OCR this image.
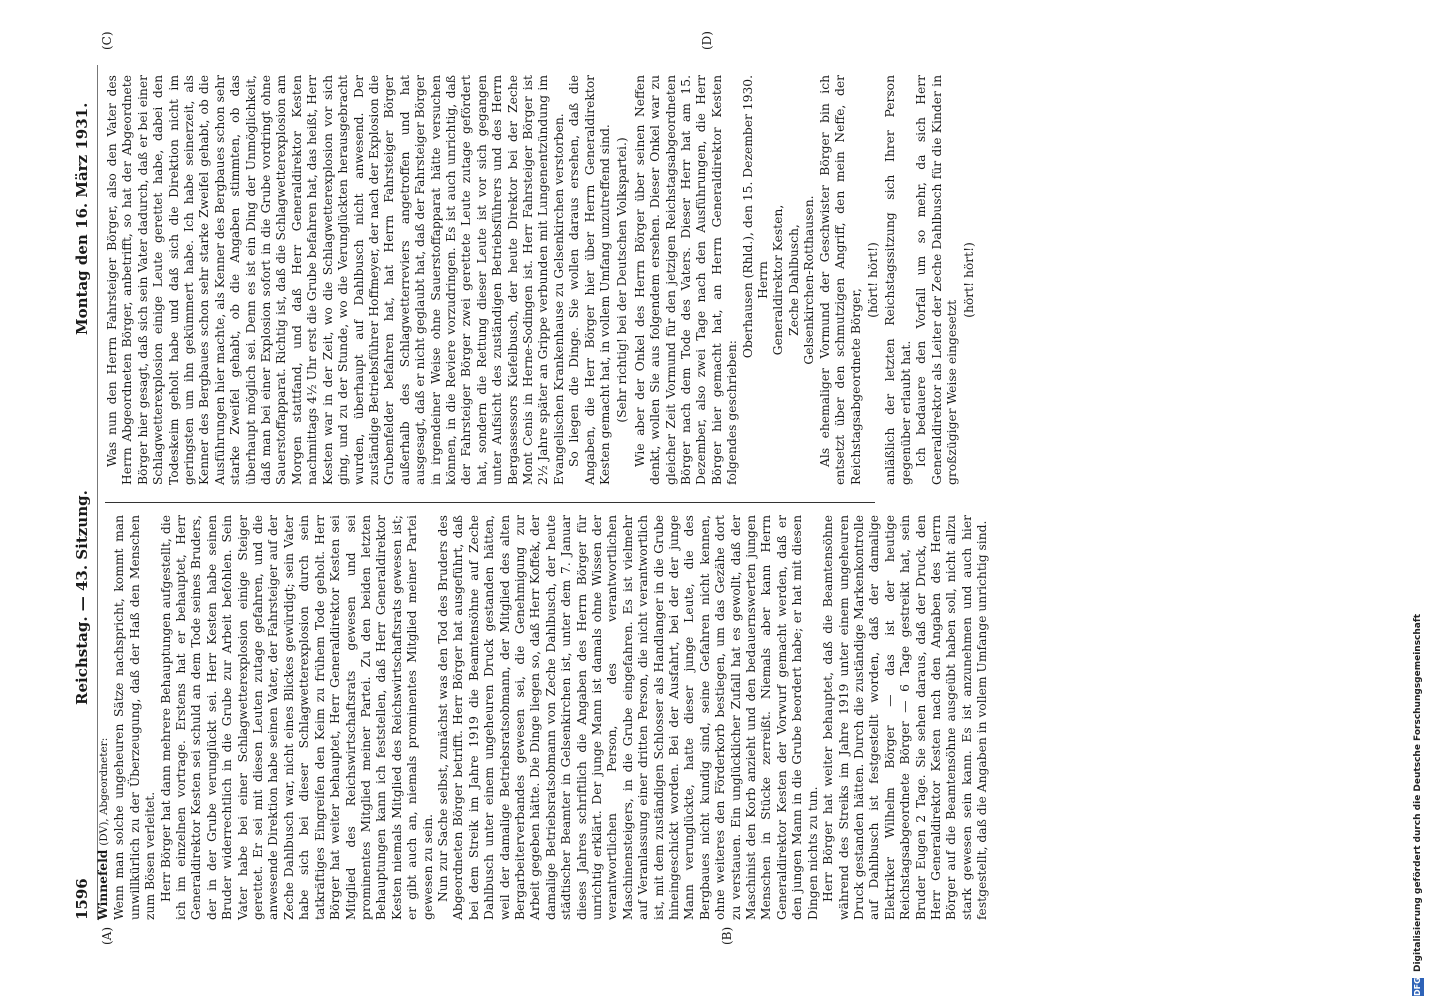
1596
Reichstag. — 43. Sitzung.
Montag den 16. März 1931.
(A)	(B)
(C)	(D)

Winnefeld (DV), Abgeordneter: Wenn man solche ungeheuren Sätze nachspricht, kommt man unwillkürlich zu der Überzeugung, daß der Haß den Menschen zum Bösen verleitet. Herr Börger hat dann mehrere Behauptungen aufgestellt, die ich im einzelnen vortrage. Erstens hat er behauptet, Herr Generaldirektor Kesten sei schuld an dem Tode seines Bruders, der in der Grube verunglückt sei. Herr Kesten habe seinen Bruder widerrechtlich in die Grube zur Arbeit befohlen. Sein Vater habe bei einer Schlagwetterexplosion einige Steiger gerettet. Er sei mit diesen Leuten zutage gefahren, und die anwesende Direktion habe seinen Vater, der Fahrsteiger auf der Zeche Dahlbusch war, nicht eines Blickes gewürdigt; sein Vater habe sich bei dieser Schlagwetterexplosion durch sein tatkräftiges Eingreifen den Keim zu frühem Tode geholt. Herr Börger hat weiter behauptet, Herr Generaldirektor Kesten sei Mitglied des Reichswirtschaftsrats gewesen und sei prominentes Mitglied meiner Partei. Zu den beiden letzten Behauptungen kann ich feststellen, daß Herr Generaldirektor Kesten niemals Mitglied des Reichswirtschaftsrats gewesen ist; er gibt auch an, niemals prominentes Mitglied meiner Partei gewesen zu sein. Nun zur Sache selbst, zunächst was den Tod des Bruders des Abgeordneten Börger betrifft. Herr Börger hat ausgeführt, daß bei dem Streik im Jahre 1919 die Beamtensöhne auf Zeche Dahlbusch unter einem ungeheuren Druck gestanden hätten, weil der damalige Betriebsratsobmann, der Mitglied des alten Bergarbeiterverbandes gewesen sei, die Genehmigung zur Arbeit gegeben hätte. Die Dinge liegen so, daß Herr Koffek, der damalige Betriebsratsobmann von Zeche Dahlbusch, der heute städtischer Beamter in Gelsenkirchen ist, unter dem 7. Januar dieses Jahres schriftlich die Angaben des Herrn Börger für unrichtig erklärt. Der junge Mann ist damals ohne Wissen der verantwortlichen Person, des verantwortlichen Maschinensteigers, in die Grube eingefahren. Es ist vielmehr auf Veranlassung einer dritten Person, die nicht verantwortlich ist, mit dem zuständigen Schlosser als Handlanger in die Grube hineingeschickt worden. Bei der Ausfahrt, bei der der junge Mann verunglückte, hatte dieser junge Leute, die des Bergbaues nicht kundig sind, seine Gefahren nicht kennen, ohne weiteres den Förderkorb bestiegen, um das Gezähe dort zu verstauen. Ein unglücklicher Zufall hat es gewollt, daß der Maschinist den Korb anzieht und den bedauernswerten jungen Menschen in Stücke zerreißt. Niemals aber kann Herrn Generaldirektor Kesten der Vorwurf gemacht werden, daß er den jungen Mann in die Grube beordert habe; er hat mit diesen Dingen nichts zu tun. Herr Börger hat weiter behauptet, daß die Beamtensöhne während des Streiks im Jahre 1919 unter einem ungeheuren Druck gestanden hätten. Durch die zuständige Markenkontrolle auf Dahlbusch ist festgestellt worden, daß der damalige Elektriker Wilhelm Börger — das ist der heutige Reichstagsabgeordnete Börger — 6 Tage gestreikt hat, sein Bruder Eugen 2 Tage. Sie sehen daraus, daß der Druck, den Herr Generaldirektor Kesten nach den Angaben des Herrn Börger auf die Beamtensöhne ausgeübt haben soll, nicht allzu stark gewesen sein kann. Es ist anzunehmen und auch hier festgestellt, daß die Angaben in vollem Umfange unrichtig sind.

Was nun den Herrn Fahrsteiger Börger, also den Vater des Herrn Abgeordneten Börger, anbetrifft, so hat der Abgeordnete Börger hier gesagt, daß sich sein Vater dadurch, daß er bei einer Schlagwetterexplosion einige Leute gerettet habe, dabei den Todeskeim geholt habe und daß sich die Direktion nicht im geringsten um ihn gekümmert habe. Ich habe seinerzeit, als Kenner des Bergbaues schon sehr starke Zweifel gehabt, ob die Ausführungen hier machte, als Kenner des Bergbaues schon sehr starke Zweifel gehabt, ob die Angaben stimmten, ob das überhaupt möglich sei. Denn es ist ein Ding der Unmöglichkeit, daß man bei einer Explosion sofort in die Grube vordringt ohne Sauerstoffapparat. Richtig ist, daß die Schlagwetterexplosion am Morgen stattfand, und daß Herr Generaldirektor Kesten nachmittags 4½ Uhr erst die Grube befahren hat, das heißt, Herr Kesten war in der Zeit, wo die Schlagwetterexplosion vor sich ging, und zu der Stunde, wo die Verunglückten herausgebracht wurden, überhaupt auf Dahlbusch nicht anwesend. Der zuständige Betriebsführer Hoffmeyer, der nach der Explosion die Grubenfelder befahren hat, hat Herrn Fahrsteiger Börger außerhalb des Schlagwetterreviers angetroffen und hat ausgesagt, daß er nicht geglaubt hat, daß der Fahrsteiger Börger in irgendeiner Weise ohne Sauerstoffapparat hätte versuchen können, in die Reviere vorzudringen. Es ist auch unrichtig, daß der Fahrsteiger Börger zwei gerettete Leute zutage gefördert hat, sondern die Rettung dieser Leute ist vor sich gegangen unter Aufsicht des zuständigen Betriebsführers und des Herrn Bergassessors Kiefelbusch, der heute Direktor bei der Zeche Mont Cenis in Herne-Sodingen ist. Herr Fahrsteiger Börger ist 2½ Jahre später an Grippe verbunden mit Lungenentzündung im Evangelischen Krankenhause zu Gelsenkirchen verstorben. So liegen die Dinge. Sie wollen daraus ersehen, daß die Angaben, die Herr Börger hier über Herrn Generaldirektor Kesten gemacht hat, in vollem Umfang unzutreffend sind. (Sehr richtig! bei der Deutschen Volkspartei.) Wie aber der Onkel des Herrn Börger über seinen Neffen denkt, wollen Sie aus folgendem ersehen. Dieser Onkel war zu gleicher Zeit Vormund für den jetzigen Reichstagsabgeordneten Börger nach dem Tode des Vaters. Dieser Herr hat am 15. Dezember, also zwei Tage nach den Ausführungen, die Herr Börger hier gemacht hat, an Herrn Generaldirektor Kesten folgendes geschrieben:

Oberhausen (Rhld.), den 15. Dezember 1930. Herrn Generaldirektor Kesten, Zeche Dahlbusch, Gelsenkirchen-Rotthausen. Als ehemaliger Vormund der Geschwister Börger bin ich entsetzt über den schmutzigen Angriff, den mein Neffe, der Reichstagsabgeordnete Börger,

(hört! hört!) anläßlich der letzten Reichstagssitzung sich Ihrer Person gegenüber erlaubt hat. Ich bedauere den Vorfall um so mehr, da sich Herr Generaldirektor als Leiter der Zeche Dahlbusch für die Kinder in großzügiger Weise eingesetzt

(hört! hört!)

DFG
Digitalisierung gefördert durch die Deutsche Forschungsgemeinschaft
